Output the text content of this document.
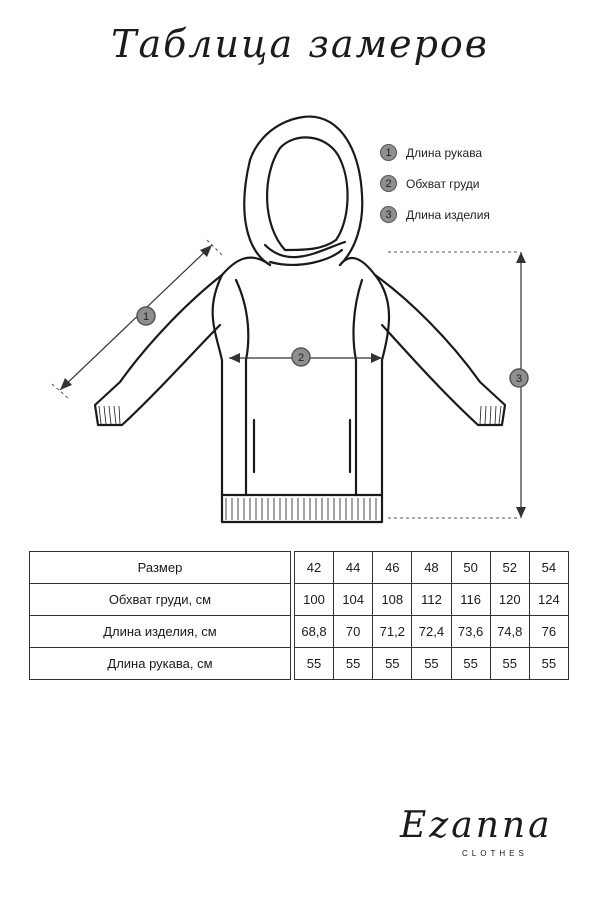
Таблица замеров
1
2
3
1	Длина рукава
2	Обхват груди
3	Длина изделия
Размер		42	44	46	48	50	52	54
Обхват груди, см		100	104	108	112	116	120	124
Длина изделия, см		68,8	70	71,2	72,4	73,6	74,8	76
Длина рукава, см		55	55	55	55	55	55	55
Ezanna
CLOTHES
